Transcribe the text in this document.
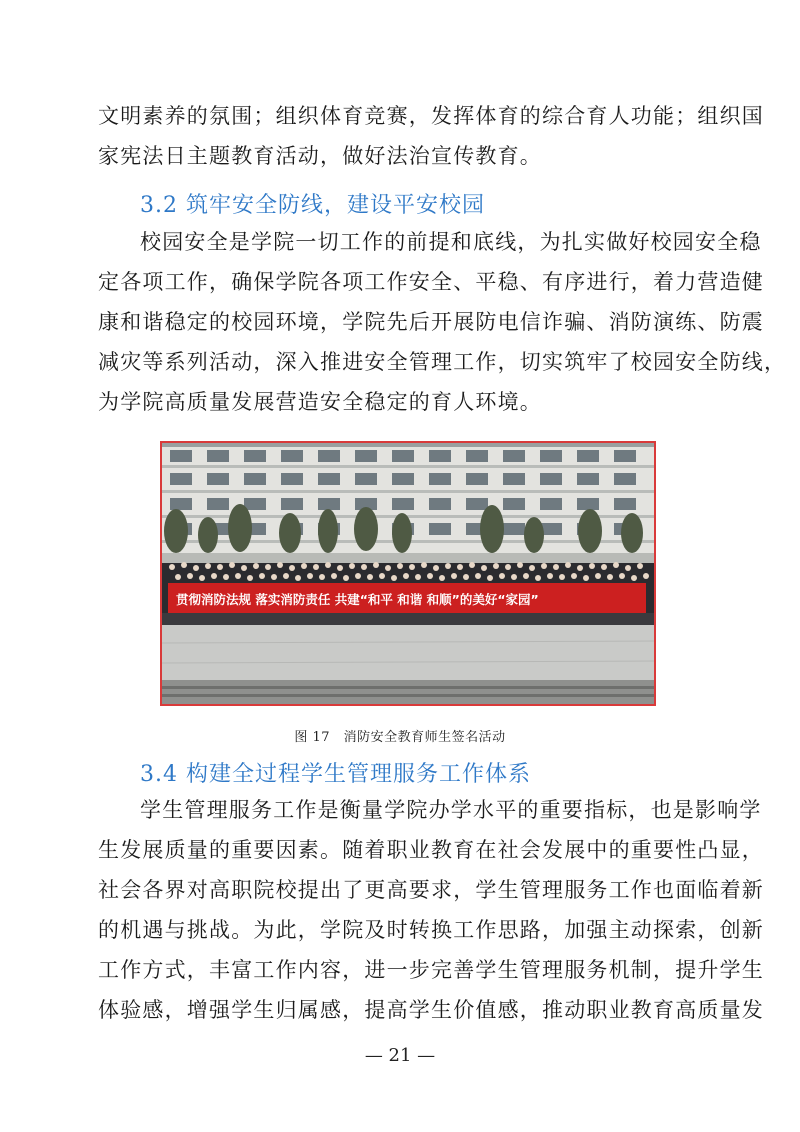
文明素养的氛围；组织体育竞赛，发挥体育的综合育人功能；组织国
家宪法日主题教育活动，做好法治宣传教育。
3.2 筑牢安全防线，建设平安校园
校园安全是学院一切工作的前提和底线，为扎实做好校园安全稳
定各项工作，确保学院各项工作安全、平稳、有序进行，着力营造健
康和谐稳定的校园环境，学院先后开展防电信诈骗、消防演练、防震
减灾等系列活动，深入推进安全管理工作，切实筑牢了校园安全防线，
为学院高质量发展营造安全稳定的育人环境。
贯彻消防法规 落实消防责任 共建“和平 和谐 和顺”的美好“家园”
图 17　消防安全教育师生签名活动
3.4 构建全过程学生管理服务工作体系
学生管理服务工作是衡量学院办学水平的重要指标，也是影响学
生发展质量的重要因素。随着职业教育在社会发展中的重要性凸显，
社会各界对高职院校提出了更高要求，学生管理服务工作也面临着新
的机遇与挑战。为此，学院及时转换工作思路，加强主动探索，创新
工作方式，丰富工作内容，进一步完善学生管理服务机制，提升学生
体验感，增强学生归属感，提高学生价值感，推动职业教育高质量发
— 21 —
